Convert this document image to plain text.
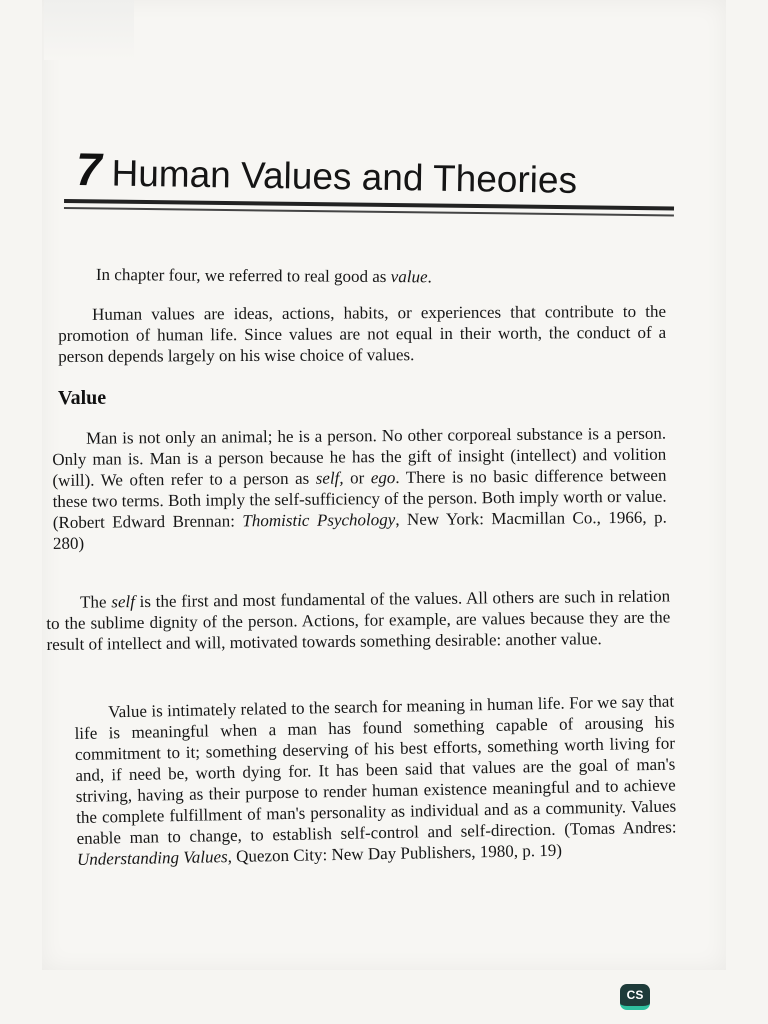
7 Human Values and Theories
In chapter four, we referred to real good as value.
Human values are ideas, actions, habits, or experiences that contribute to the promotion of human life. Since values are not equal in their worth, the conduct of a person depends largely on his wise choice of values.
Value
Man is not only an animal; he is a person. No other corporeal substance is a person. Only man is. Man is a person because he has the gift of insight (intellect) and volition (will). We often refer to a person as self, or ego. There is no basic difference between these two terms. Both imply the self-sufficiency of the person. Both imply worth or value. (Robert Edward Brennan: Thomistic Psychology, New York: Macmillan Co., 1966, p. 280)
The self is the first and most fundamental of the values. All others are such in relation to the sublime dignity of the person. Actions, for example, are values because they are the result of intellect and will, motivated towards something desirable: another value.
Value is intimately related to the search for meaning in human life. For we say that life is meaningful when a man has found something capable of arousing his commitment to it; something deserving of his best efforts, something worth living for and, if need be, worth dying for. It has been said that values are the goal of man's striving, having as their purpose to render human existence meaningful and to achieve the complete fulfillment of man's personality as individual and as a community. Values enable man to change, to establish self-control and self-direction. (Tomas Andres: Understanding Values, Quezon City: New Day Publishers, 1980, p. 19)
CS
